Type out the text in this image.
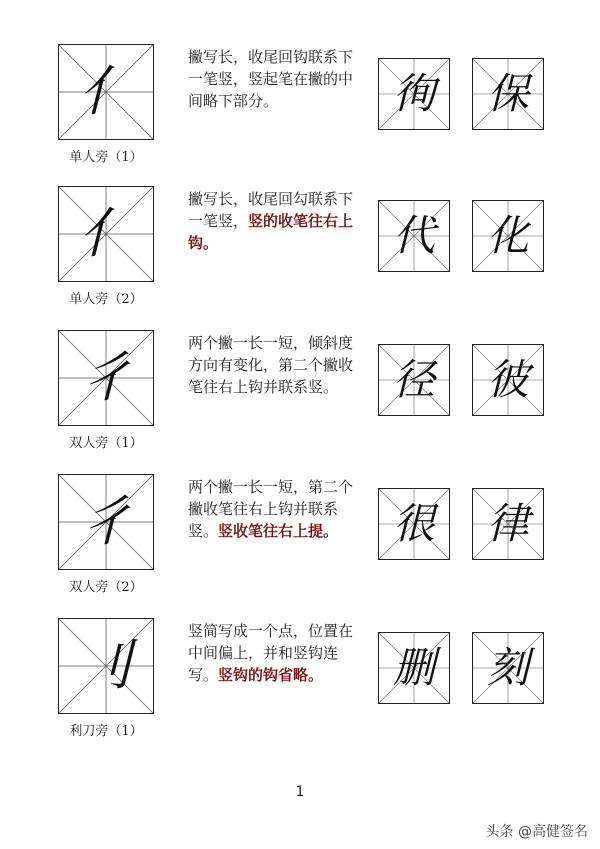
亻
单人旁（1）
撇写长，收尾回钩联系下一笔竖，竖起笔在撇的中间略下部分。	徇	保
亻
单人旁（2）
撇写长，收尾回勾联系下一笔竖，竖的收笔往右上钩。	代	化
彳
双人旁（1）
两个撇一长一短，倾斜度方向有变化，第二个撇收笔往右上钩并联系竖。	径	彼
彳
双人旁（2）
两个撇一长一短，第二个撇收笔往右上钩并联系竖。竖收笔往右上提。	很	律
刂
利刀旁（1）
竖简写成一个点，位置在中间偏上，并和竖钩连写。竖钩的钩省略。	删	刻
1
头条 @高健签名
